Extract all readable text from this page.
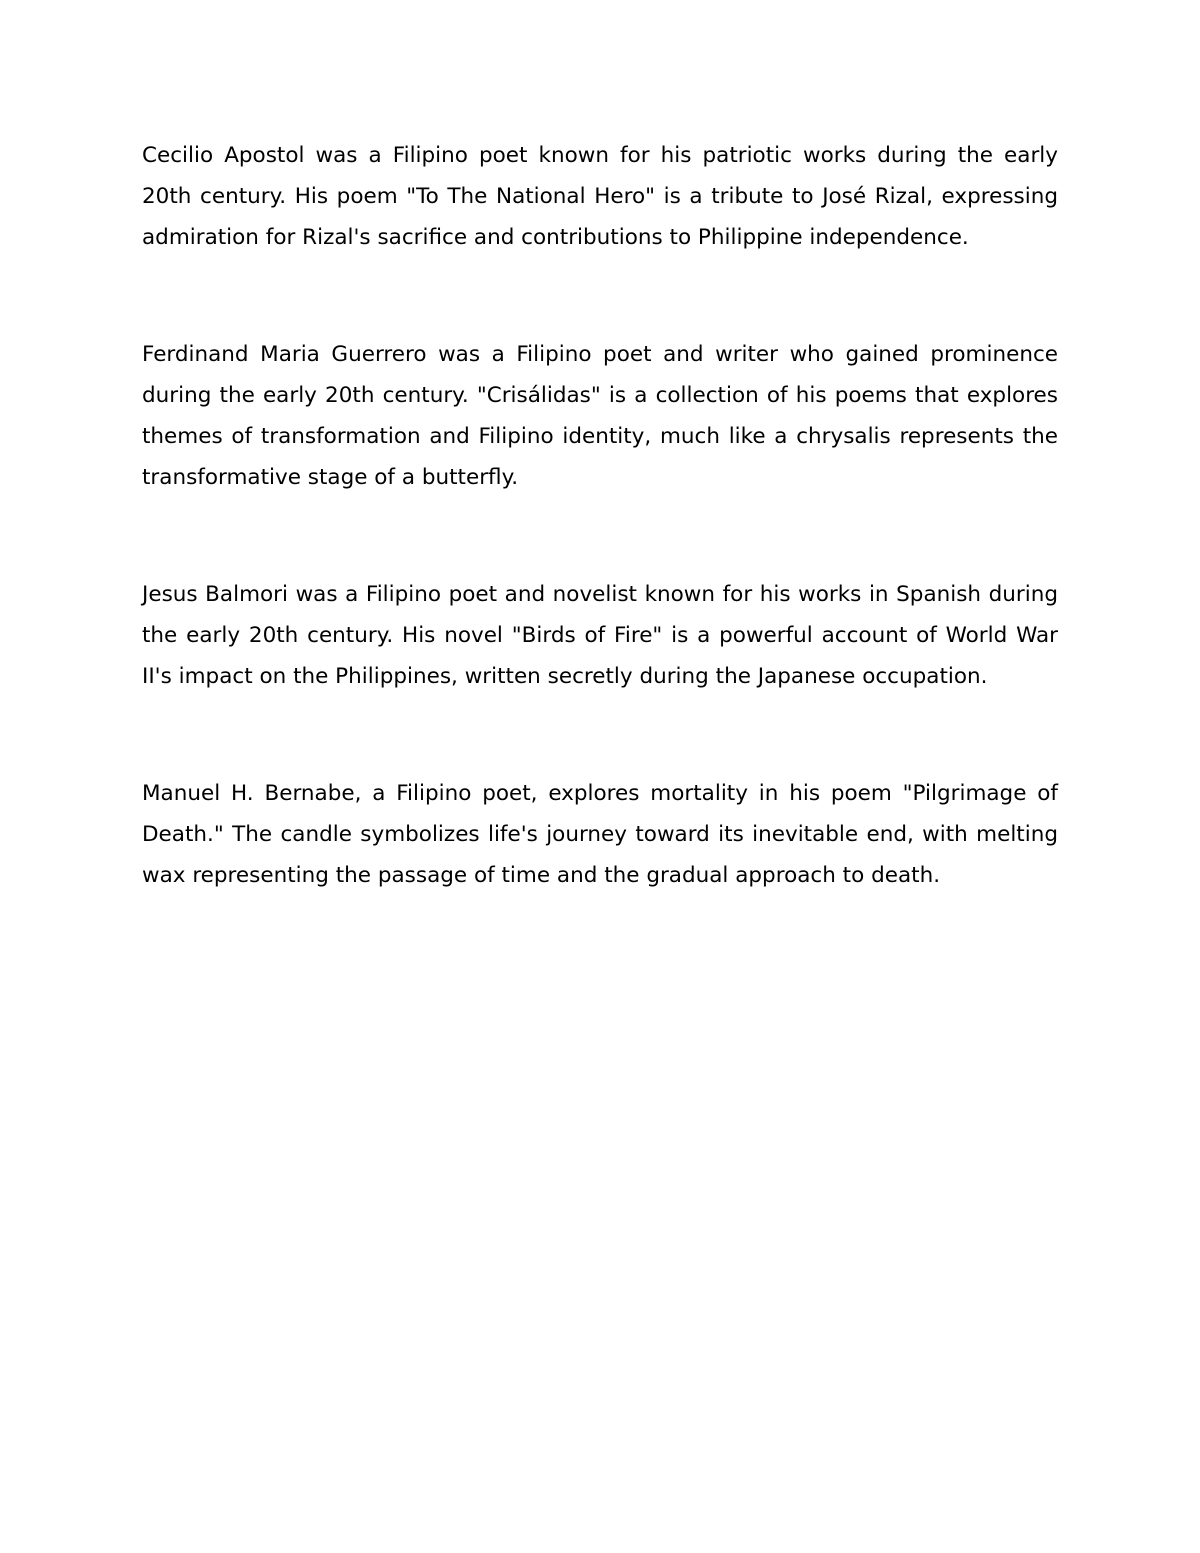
Cecilio Apostol was a Filipino poet known for his patriotic works during the early 20th century. His poem "To The National Hero" is a tribute to José Rizal, expressing admiration for Rizal's sacrifice and contributions to Philippine independence.

Ferdinand Maria Guerrero was a Filipino poet and writer who gained prominence during the early 20th century. "Crisálidas" is a collection of his poems that explores themes of transformation and Filipino identity, much like a chrysalis represents the transformative stage of a butterfly.

Jesus Balmori was a Filipino poet and novelist known for his works in Spanish during the early 20th century. His novel "Birds of Fire" is a powerful account of World War II's impact on the Philippines, written secretly during the Japanese occupation.

Manuel H. Bernabe, a Filipino poet, explores mortality in his poem "Pilgrimage of Death." The candle symbolizes life's journey toward its inevitable end, with melting wax representing the passage of time and the gradual approach to death.
